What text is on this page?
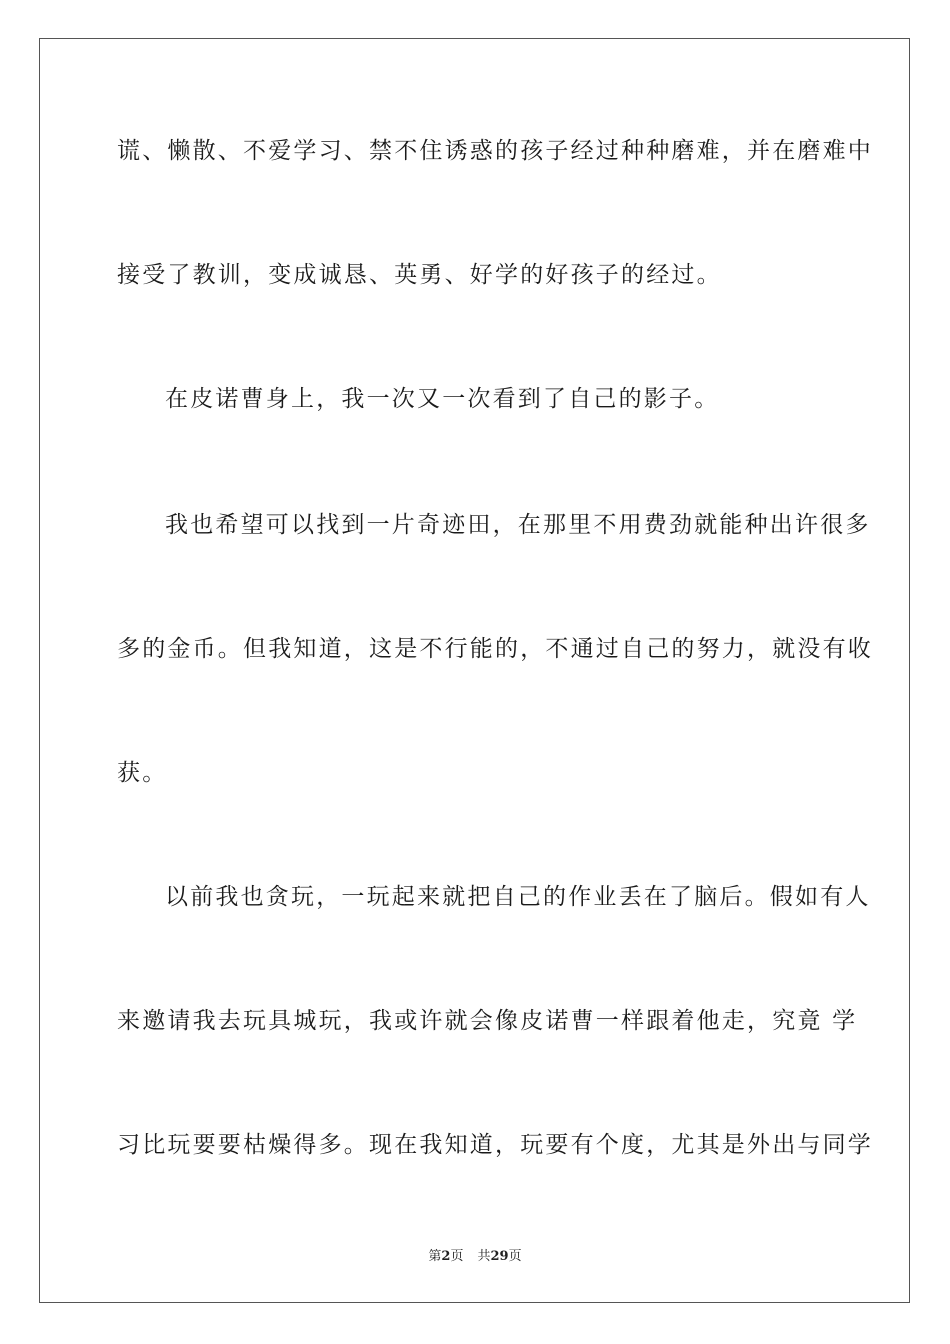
谎、懒散、不爱学习、禁不住诱惑的孩子经过种种磨难，并在磨难中
接受了教训，变成诚恳、英勇、好学的好孩子的经过。
在皮诺曹身上，我一次又一次看到了自己的影子。
我也希望可以找到一片奇迹田，在那里不用费劲就能种出许很多
多的金币。但我知道，这是不行能的，不通过自己的努力，就没有收
获。
以前我也贪玩，一玩起来就把自己的作业丢在了脑后。假如有人
来邀请我去玩具城玩，我或许就会像皮诺曹一样跟着他走，究竟 学
习比玩要要枯燥得多。现在我知道，玩要有个度，尤其是外出与同学
第2页 共29页
